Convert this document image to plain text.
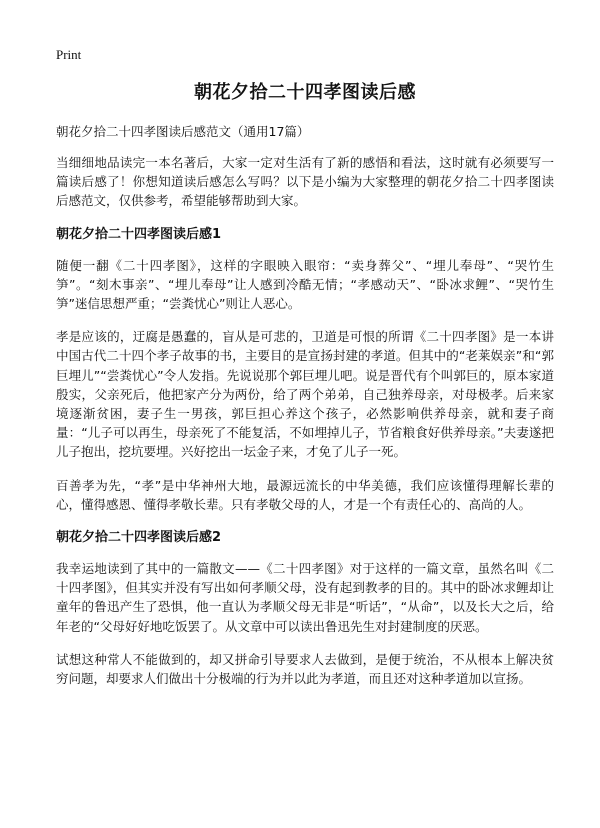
Print
朝花夕拾二十四孝图读后感
朝花夕拾二十四孝图读后感范文（通用17篇）

当细细地品读完一本名著后，大家一定对生活有了新的感悟和看法，这时就有必须要写一篇读后感了！你想知道读后感怎么写吗？以下是小编为大家整理的朝花夕拾二十四孝图读后感范文，仅供参考，希望能够帮助到大家。

朝花夕拾二十四孝图读后感1

随便一翻《二十四孝图》，这样的字眼映入眼帘：“卖身葬父”、“埋儿奉母”、“哭竹生笋”。“刻木事亲”、“埋儿奉母”让人感到冷酷无情；“孝感动天”、“卧冰求鲤”、“哭竹生笋”迷信思想严重；“尝粪忧心”则让人恶心。

孝是应该的，迂腐是愚蠢的，盲从是可悲的，卫道是可恨的所谓《二十四孝图》是一本讲中国古代二十四个孝子故事的书，主要目的是宣扬封建的孝道。但其中的“老莱娱亲”和“郭巨埋儿”“尝粪忧心”令人发指。先说说那个郭巨埋儿吧。说是晋代有个叫郭巨的，原本家道殷实，父亲死后，他把家产分为两份，给了两个弟弟，自己独养母亲，对母极孝。后来家境逐渐贫困，妻子生一男孩，郭巨担心养这个孩子，必然影响供养母亲，就和妻子商量：“儿子可以再生，母亲死了不能复活，不如埋掉儿子，节省粮食好供养母亲。”夫妻遂把儿子抱出，挖坑要埋。兴好挖出一坛金子来，才免了儿子一死。

百善孝为先，“孝”是中华神州大地，最源远流长的中华美德，我们应该懂得理解长辈的心，懂得感恩、懂得孝敬长辈。只有孝敬父母的人，才是一个有责任心的、高尚的人。

朝花夕拾二十四孝图读后感2

我幸运地读到了其中的一篇散文——《二十四孝图》对于这样的一篇文章，虽然名叫《二十四孝图》，但其实并没有写出如何孝顺父母，没有起到教孝的目的。其中的卧冰求鲤却让童年的鲁迅产生了恐惧，他一直认为孝顺父母无非是“听话”，“从命”，以及长大之后，给年老的“父母好好地吃饭罢了。从文章中可以读出鲁迅先生对封建制度的厌恶。

试想这种常人不能做到的，却又拼命引导要求人去做到，是便于统治，不从根本上解决贫穷问题，却要求人们做出十分极端的行为并以此为孝道，而且还对这种孝道加以宣扬。
